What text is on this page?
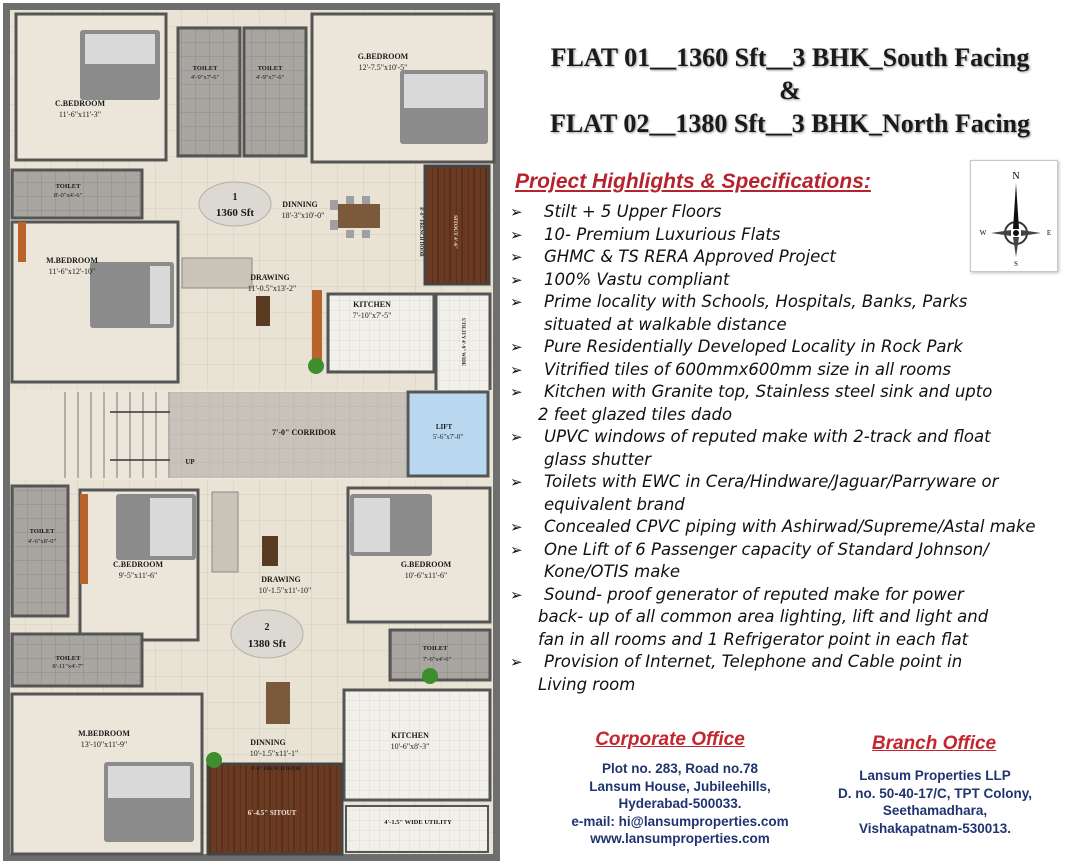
1
1360 Sft
2
1380 Sft
C.BEDROOM
11'-6"x11'-3"
TOILET
4'-9"x7'-6"
TOILET
4'-9"x7'-6"
G.BEDROOM
12'-7.5"x10'-5"
TOILET
8'-0"x4'-6"
DINNING
18'-3"x10'-0"
M.BEDROOM
11'-6"x12'-10"
DRAWING
11'-0.5"x13'-2"
KITCHEN
7'-10"x7'-5"
7'-0" CORRIDOR
LIFT
5'-6"x7'-0"
UP
TOILET
4'-6"x8'-0"
C.BEDROOM
9'-5"x11'-6"	DRAWING
10'-1.5"x11'-10"
G.BEDROOM
10'-6"x11'-6"
TOILET
8'-11"x4'-7"
TOILET
7'-6"x4'-6"
M.BEDROOM
13'-10"x11'-9"	DINNING
10'-1.5"x11'-1"
KITCHEN
10'-6"x8'-3"
8'-0" FRENCH DOOR
6'-4.5" SITOUT
4'-1.5" WIDE UTILITY
SITOUT 4'-6"
8'-0" FRENCH DOOR
UTILITY 4'-9" WIDE
FLAT 01__1360 Sft__3 BHK_South Facing
&
FLAT 02__1380 Sft__3 BHK_North Facing
Project Highlights & Specifications:	N
S
W	E
➢ Stilt + 5 Upper Floors
➢ 10- Premium Luxurious Flats
➢ GHMC & TS RERA Approved Project
➢ 100% Vastu compliant
➢ Prime locality with Schools, Hospitals, Banks, Parks
situated at walkable distance
➢ Pure Residentially Developed Locality in Rock Park
➢ Vitrified tiles of 600mmx600mm size in all rooms
➢ Kitchen with Granite top, Stainless steel sink and upto
2 feet glazed tiles dado
➢ UPVC windows of reputed make with 2-track and float
glass shutter
➢ Toilets with EWC in Cera/Hindware/Jaguar/Parryware or
equivalent brand
➢ Concealed CPVC piping with Ashirwad/Supreme/Astal make
➢ One Lift of 6 Passenger capacity of Standard Johnson/
Kone/OTIS make
➢ Sound- proof generator of reputed make for power
back- up of all common area lighting, lift and light and
fan in all rooms and 1 Refrigerator point in each flat
➢ Provision of Internet, Telephone and Cable point in
Living room
Corporate Office
Plot no. 283, Road no.78
Lansum House, Jubileehills,
Hyderabad-500033.
e-mail: hi@lansumproperties.com
www.lansumproperties.com
Branch Office
Lansum Properties LLP
D. no. 50-40-17/C, TPT Colony,
Seethamadhara,
Vishakapatnam-530013.
